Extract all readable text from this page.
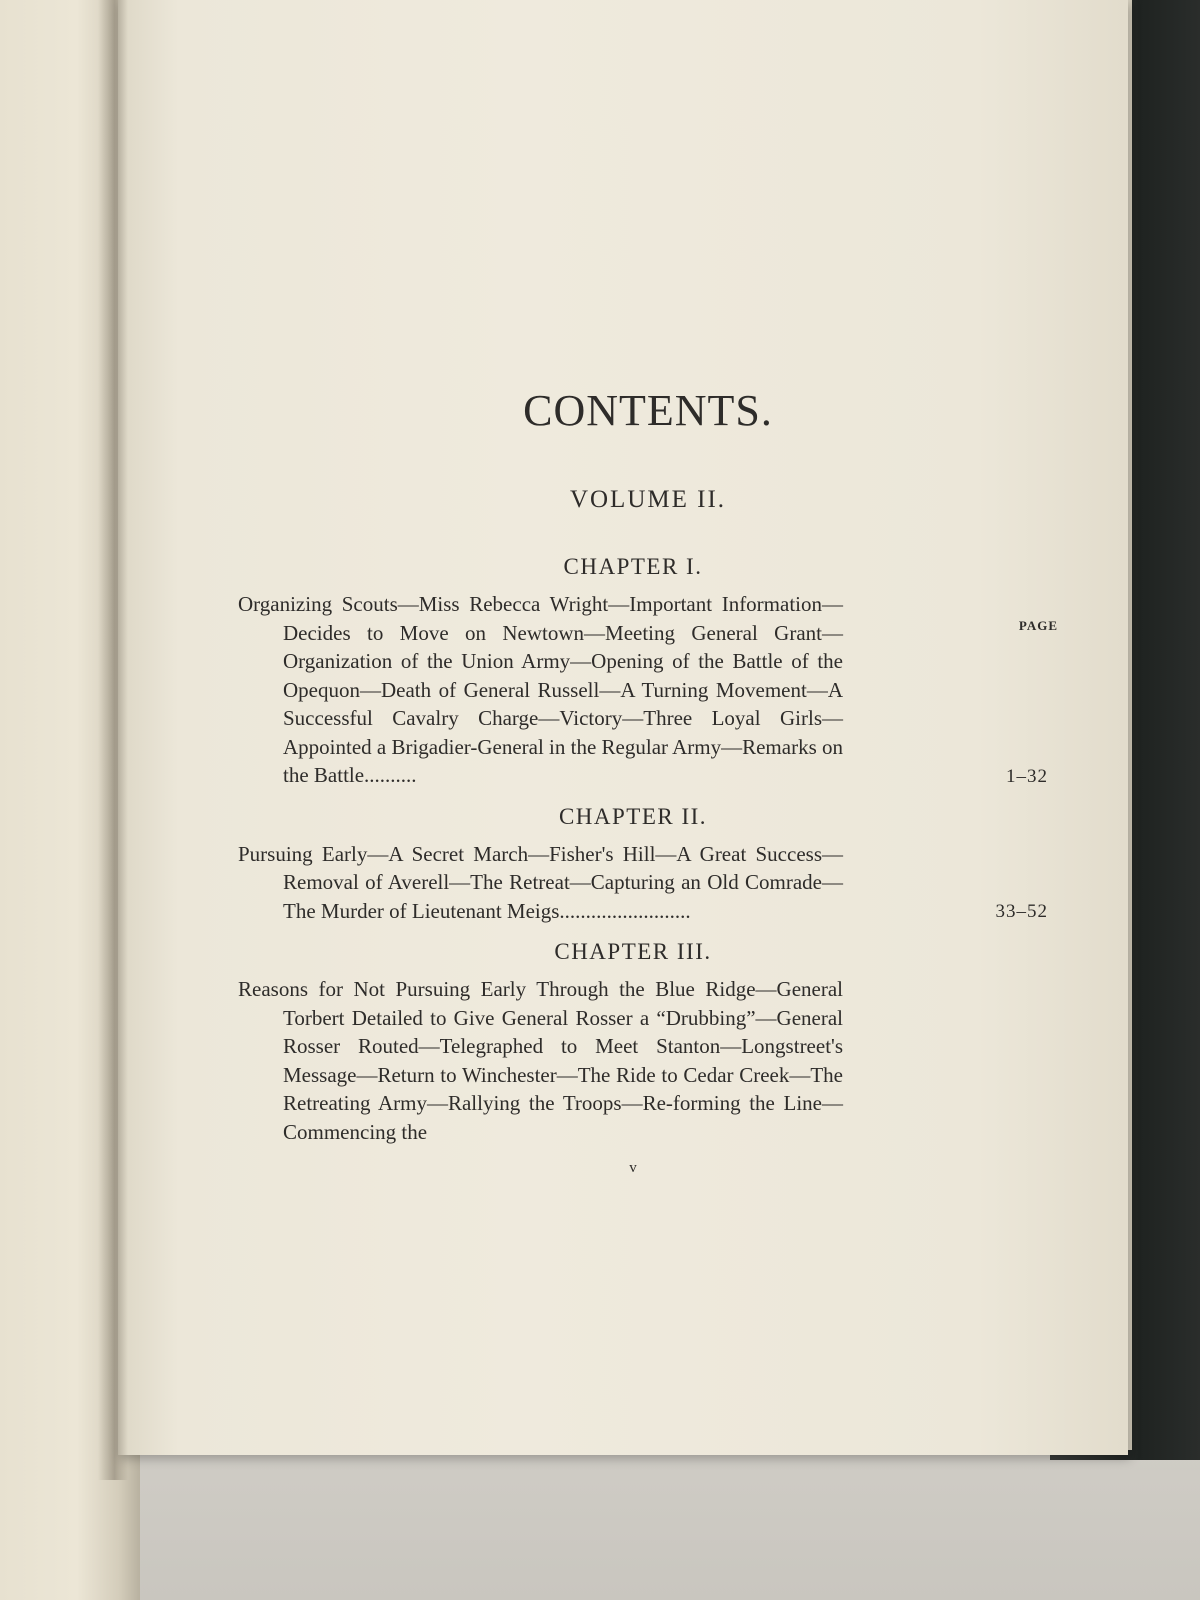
CONTENTS.
VOLUME II.
CHAPTER I.

Organizing Scouts—Miss Rebecca Wright—Important Information—Decides to Move on Newtown—Meeting General Grant—Organization of the Union Army—Opening of the Battle of the Opequon—Death of General Russell—A Turning Movement—A Successful Cavalry Charge—Victory—Three Loyal Girls—Appointed a Brigadier-General in the Regular Army—Remarks on the Battle..........

PAGE
1–32
CHAPTER II.

Pursuing Early—A Secret March—Fisher's Hill—A Great Success—Removal of Averell—The Retreat—Capturing an Old Comrade—The Murder of Lieutenant Meigs.........................	33–52
CHAPTER III.

Reasons for Not Pursuing Early Through the Blue Ridge—General Torbert Detailed to Give General Rosser a “Drubbing”—General Rosser Routed—Telegraphed to Meet Stanton—Longstreet's Message—Return to Winchester—The Ride to Cedar Creek—The Retreating Army—Rallying the Troops—Re-forming the Line—Commencing the

v
